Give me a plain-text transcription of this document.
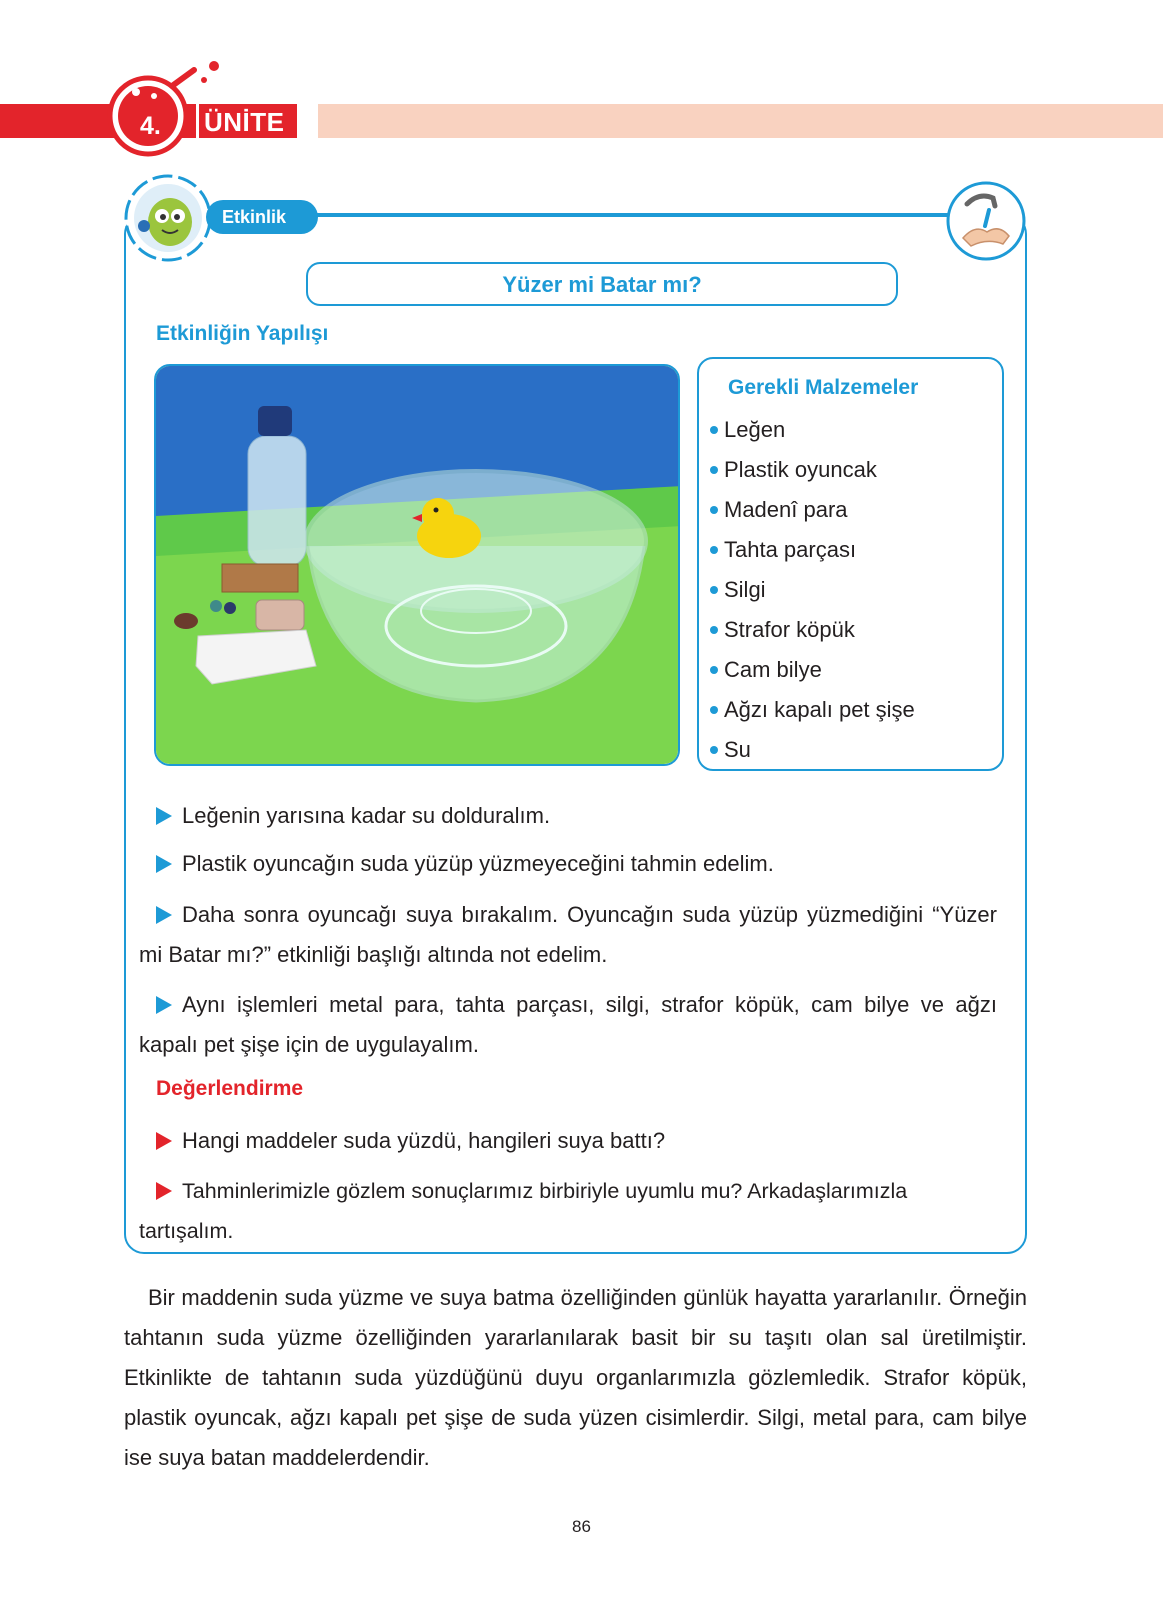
4. ÜNİTE
Etkinlik
Yüzer mi Batar mı?
Etkinliğin Yapılışı
Gerekli Malzemeler
Leğen
Plastik oyuncak
Madenî para
Tahta parçası
Silgi
Strafor köpük
Cam bilye
Ağzı kapalı pet şişe
Su
Leğenin yarısına kadar su dolduralım.
Plastik oyuncağın suda yüzüp yüzmeyeceğini tahmin edelim.
Daha sonra oyuncağı suya bırakalım. Oyuncağın suda yüzüp yüzmediğini “Yüzer mi Batar mı?” etkinliği başlığı altında not edelim.
Aynı işlemleri metal para, tahta parçası, silgi, strafor köpük, cam bilye ve ağzı kapalı pet şişe için de uygulayalım.
Değerlendirme
Hangi maddeler suda yüzdü, hangileri suya battı?
Tahminlerimizle gözlem sonuçlarımız birbiriyle uyumlu mu? Arkadaşlarımızla tartışalım.
Bir maddenin suda yüzme ve suya batma özelliğinden günlük hayatta yararlanılır. Örneğin tahtanın suda yüzme özelliğinden yararlanılarak basit bir su taşıtı olan sal üretilmiştir. Etkinlikte de tahtanın suda yüzdüğünü duyu organlarımızla gözlemledik. Strafor köpük, plastik oyuncak, ağzı kapalı pet şişe de suda yüzen cisimlerdir. Silgi, metal para, cam bilye ise suya batan maddelerdendir.
86
